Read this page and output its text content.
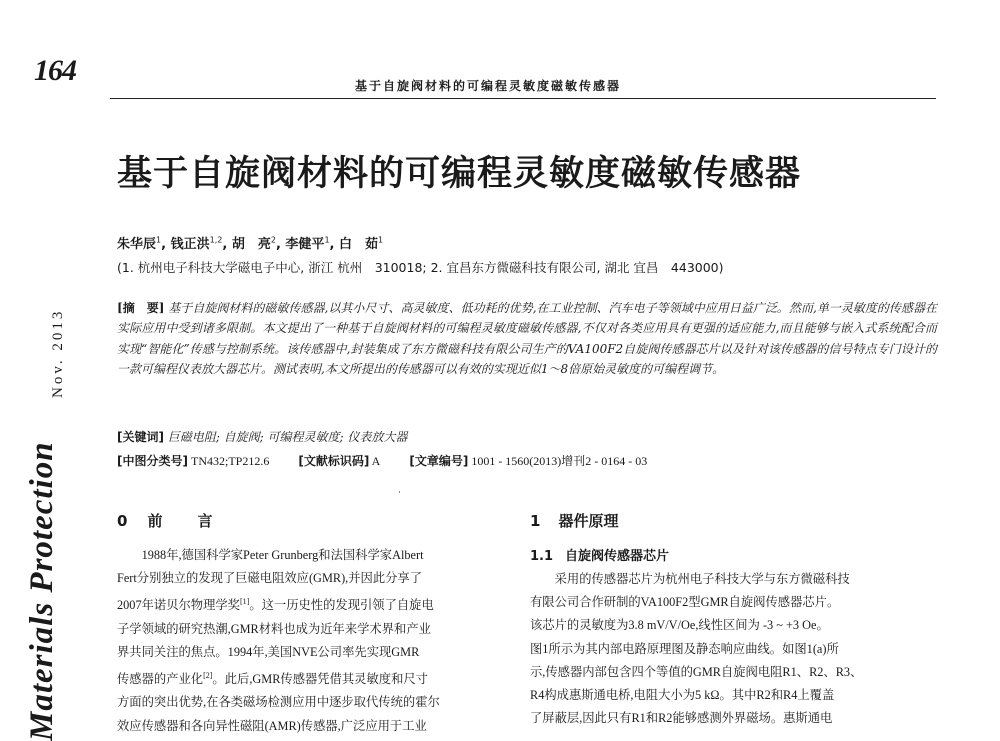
164	基于自旋阀材料的可编程灵敏度磁敏传感器
Nov. 2013
Materials Protection
基于自旋阀材料的可编程灵敏度磁敏传感器
朱华辰$^1$, 钱正洪$^{1,2}$, 胡　亮$^2$, 李健平$^1$, 白　茹$^1$
(1. 杭州电子科技大学磁电子中心, 浙江 杭州　310018; 2. 宜昌东方微磁科技有限公司, 湖北 宜昌　443000)
[摘　要] 基于自旋阀材料的磁敏传感器,以其小尺寸、高灵敏度、低功耗的优势,在工业控制、汽车电子等领域中应用日益广泛。然而,单一灵敏度的传感器在实际应用中受到诸多限制。本文提出了一种基于自旋阀材料的可编程灵敏度磁敏传感器,不仅对各类应用具有更强的适应能力,而且能够与嵌入式系统配合而实现“智能化”传感与控制系统。该传感器中,封装集成了东方微磁科技有限公司生产的VA100F2自旋阀传感器芯片以及针对该传感器的信号特点专门设计的一款可编程仪表放大器芯片。测试表明,本文所提出的传感器可以有效的实现近似1～8倍原始灵敏度的可编程调节。
[关键词] 巨磁电阻; 自旋阀; 可编程灵敏度; 仪表放大器
[中图分类号] TN432;TP212.6 [文献标识码] A [文章编号] 1001 - 1560(2013)增刊2 - 0164 - 03
·
0 前　言	1 器件原理
1.1 自旋阀传感器芯片
　　1988年,德国科学家Peter Grunberg和法国科学家Albert
Fert分别独立的发现了巨磁电阻效应(GMR),并因此分享了
2007年诺贝尔物理学奖[1]。这一历史性的发现引领了自旋电
子学领域的研究热潮,GMR材料也成为近年来学术界和产业
界共同关注的焦点。1994年,美国NVE公司率先实现GMR
传感器的产业化[2]。此后,GMR传感器凭借其灵敏度和尺寸
方面的突出优势,在各类磁场检测应用中逐步取代传统的霍尔
效应传感器和各向异性磁阻(AMR)传感器,广泛应用于工业
　　采用的传感器芯片为杭州电子科技大学与东方微磁科技
有限公司合作研制的VA100F2型GMR自旋阀传感器芯片。
该芯片的灵敏度为3.8 mV/V/Oe,线性区间为 -3 ~ +3 Oe。
图1所示为其内部电路原理图及静态响应曲线。如图1(a)所
示,传感器内部包含四个等值的GMR自旋阀电阻R1、R2、R3、
R4构成惠斯通电桥,电阻大小为5 kΩ。其中R2和R4上覆盖
了屏蔽层,因此只有R1和R2能够感测外界磁场。惠斯通电
